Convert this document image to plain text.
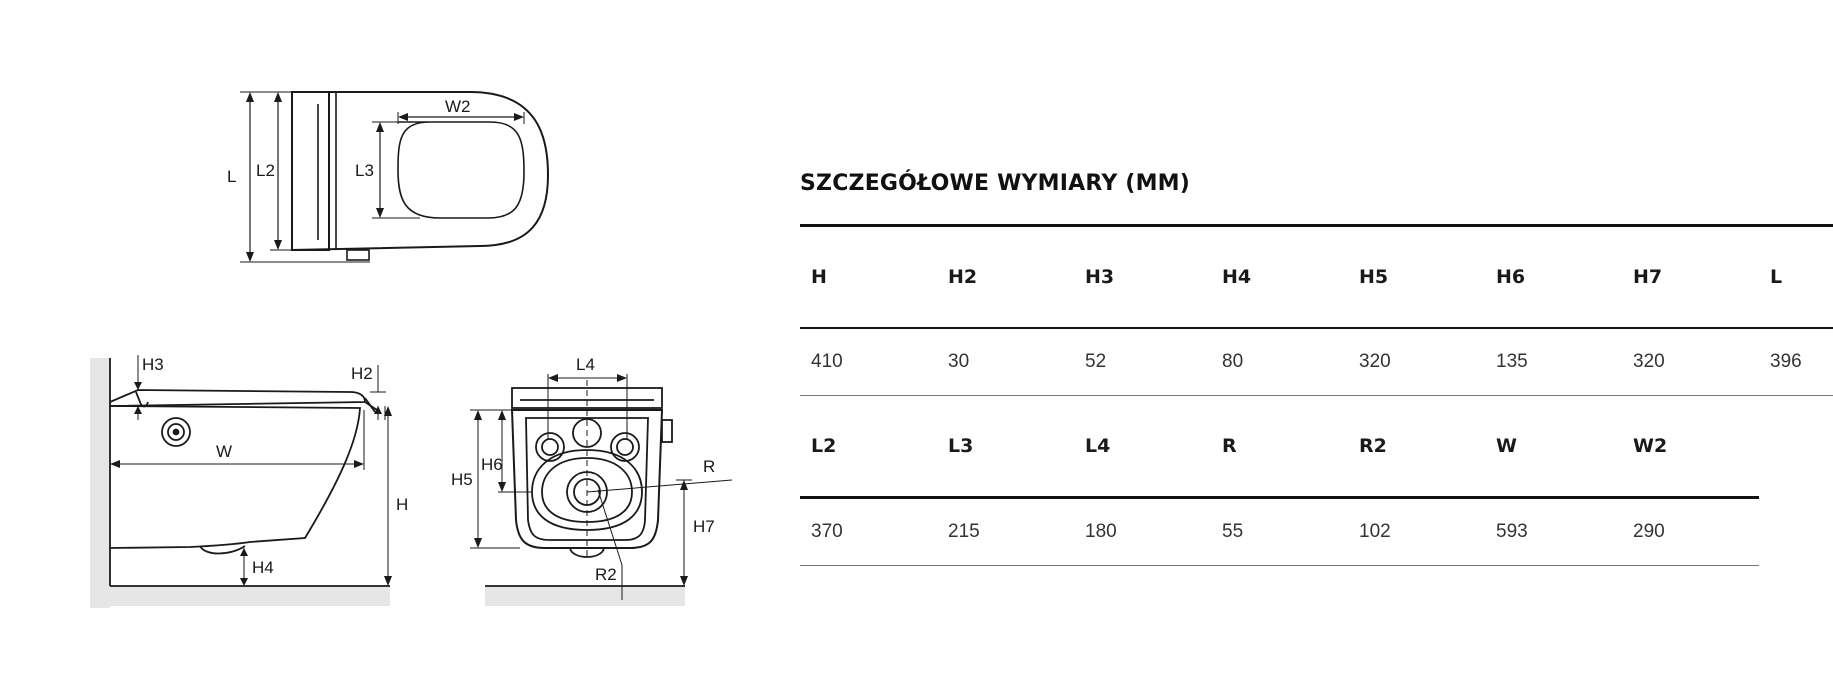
L L2	L3
W2
H3	H2
W
H
H4
L4
H6
H5
R
H7
R2
SZCZEGÓŁOWE WYMIARY (MM)
H	H2	H3	H4	H5	H6	H7	L
410	30	52	80	320	135	320	396
L2	L3	L4	R	R2	W	W2	
370	215	180	55	102	593	290	
